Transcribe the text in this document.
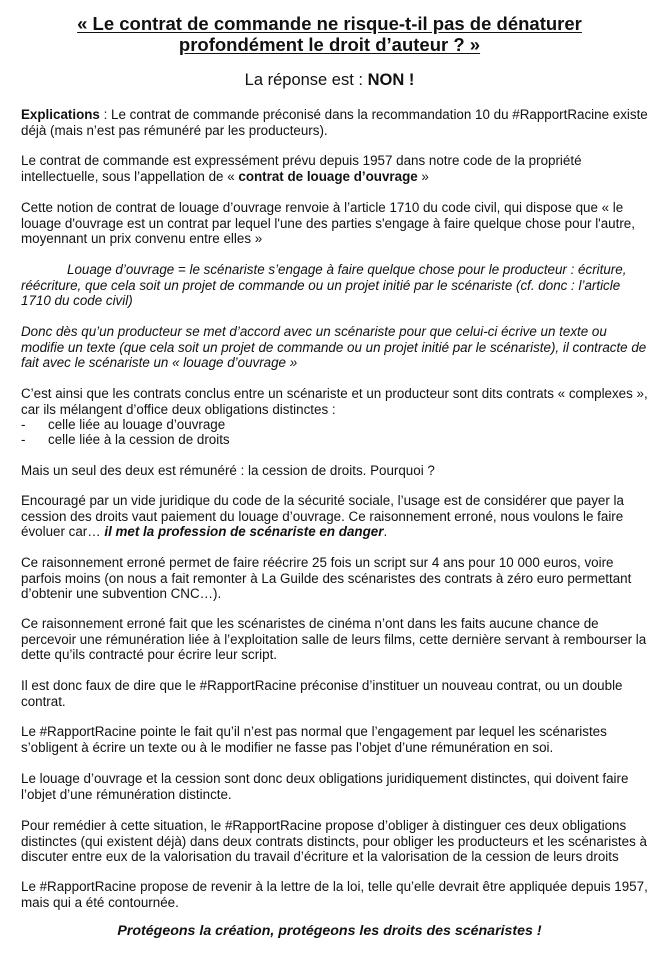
« Le contrat de commande ne risque-t-il pas de dénaturer
profondément le droit d’auteur ? »
La réponse est : NON !
Explications : Le contrat de commande préconisé dans la recommandation 10 du #RapportRacine existe déjà (mais n’est pas rémunéré par les producteurs).
Le contrat de commande est expressément prévu depuis 1957 dans notre code de la propriété intellectuelle, sous l’appellation de « contrat de louage d’ouvrage »
Cette notion de contrat de louage d’ouvrage renvoie à l’article 1710 du code civil, qui dispose que « le louage d'ouvrage est un contrat par lequel l'une des parties s'engage à faire quelque chose pour l'autre, moyennant un prix convenu entre elles »
Louage d’ouvrage = le scénariste s’engage à faire quelque chose pour le producteur : écriture, réécriture, que cela soit un projet de commande ou un projet initié par le scénariste (cf. donc : l’article 1710 du code civil)
Donc dès qu’un producteur se met d’accord avec un scénariste pour que celui-ci écrive un texte ou modifie un texte (que cela soit un projet de commande ou un projet initié par le scénariste), il contracte de fait avec le scénariste un « louage d’ouvrage »
C’est ainsi que les contrats conclus entre un scénariste et un producteur sont dits contrats « complexes », car ils mélangent d’office deux obligations distinctes :
- celle liée au louage d’ouvrage
- celle liée à la cession de droits
Mais un seul des deux est rémunéré : la cession de droits. Pourquoi ?
Encouragé par un vide juridique du code de la sécurité sociale, l’usage est de considérer que payer la cession des droits vaut paiement du louage d’ouvrage. Ce raisonnement erroné, nous voulons le faire évoluer car… il met la profession de scénariste en danger.
Ce raisonnement erroné permet de faire réécrire 25 fois un script sur 4 ans pour 10 000 euros, voire parfois moins (on nous a fait remonter à La Guilde des scénaristes des contrats à zéro euro permettant d’obtenir une subvention CNC…).
Ce raisonnement erroné fait que les scénaristes de cinéma n’ont dans les faits aucune chance de percevoir une rémunération liée à l’exploitation salle de leurs films, cette dernière servant à rembourser la dette qu’ils contracté pour écrire leur script.
Il est donc faux de dire que le #RapportRacine préconise d’instituer un nouveau contrat, ou un double contrat.
Le #RapportRacine pointe le fait qu’il n’est pas normal que l’engagement par lequel les scénaristes s’obligent à écrire un texte ou à le modifier ne fasse pas l’objet d’une rémunération en soi.
Le louage d’ouvrage et la cession sont donc deux obligations juridiquement distinctes, qui doivent faire l’objet d’une rémunération distincte.
Pour remédier à cette situation, le #RapportRacine propose d’obliger à distinguer ces deux obligations distinctes (qui existent déjà) dans deux contrats distincts, pour obliger les producteurs et les scénaristes à discuter entre eux de la valorisation du travail d’écriture et la valorisation de la cession de leurs droits
Le #RapportRacine propose de revenir à la lettre de la loi, telle qu’elle devrait être appliquée depuis 1957, mais qui a été contournée.
Protégeons la création, protégeons les droits des scénaristes !
